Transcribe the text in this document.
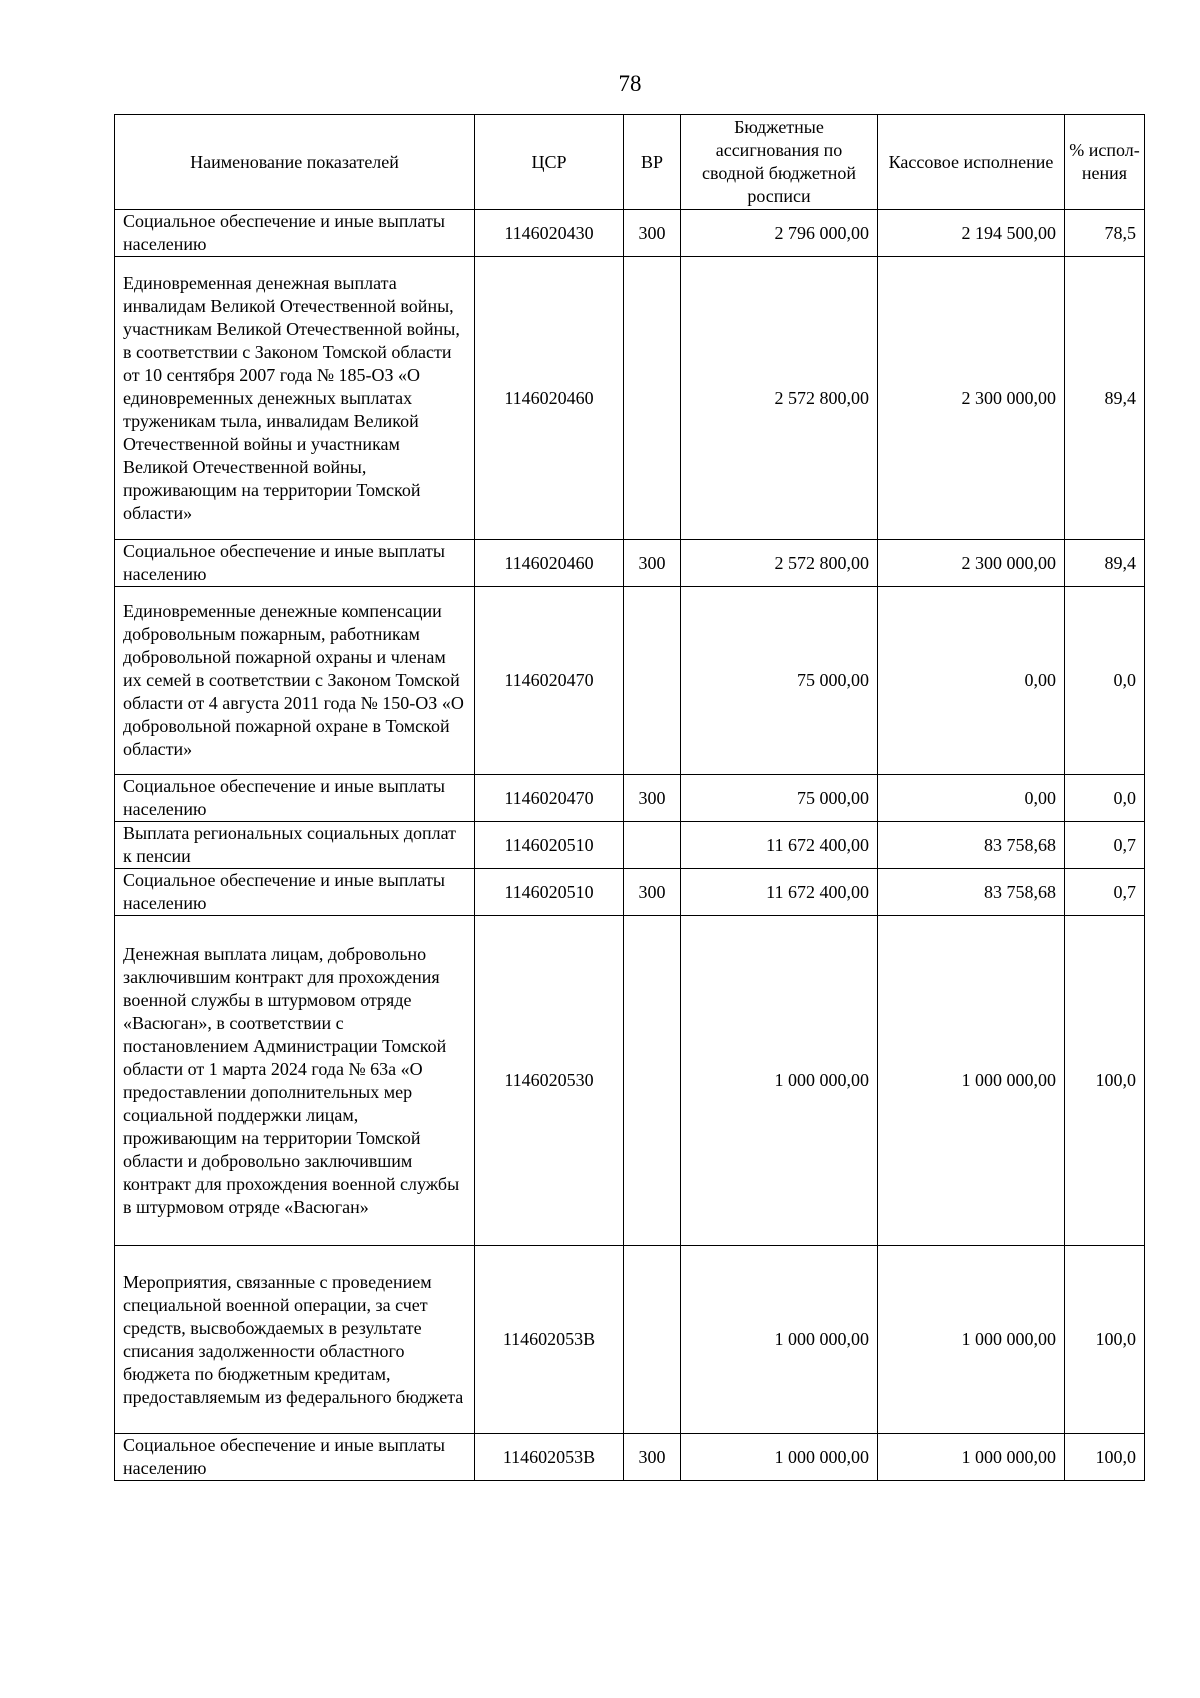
78
Наименование показателей	ЦСР	ВР	Бюджетные ассигнования по сводной бюджетной росписи	Кассовое исполнение	% испол-нения
Социальное обеспечение и иные выплаты населению	1146020430	300	2 796 000,00	2 194 500,00	78,5
Единовременная денежная выплата инвалидам Великой Отечественной войны, участникам Великой Отечественной войны, в соответствии с Законом Томской области от 10 сентября 2007 года № 185-ОЗ «О единовременных денежных выплатах труженикам тыла, инвалидам Великой Отечественной войны и участникам Великой Отечественной войны, проживающим на территории Томской области»	1146020460		2 572 800,00	2 300 000,00	89,4
Социальное обеспечение и иные выплаты населению	1146020460	300	2 572 800,00	2 300 000,00	89,4
Единовременные денежные компенсации добровольным пожарным, работникам добровольной пожарной охраны и членам их семей в соответствии с Законом Томской области от 4 августа 2011 года № 150-ОЗ «О добровольной пожарной охране в Томской области»	1146020470		75 000,00	0,00	0,0
Социальное обеспечение и иные выплаты населению	1146020470	300	75 000,00	0,00	0,0
Выплата региональных социальных доплат к пенсии	1146020510		11 672 400,00	83 758,68	0,7
Социальное обеспечение и иные выплаты населению	1146020510	300	11 672 400,00	83 758,68	0,7
Денежная выплата лицам, добровольно заключившим контракт для прохождения военной службы в штурмовом отряде «Васюган», в соответствии с постановлением Администрации Томской области от 1 марта 2024 года № 63а «О предоставлении дополнительных мер социальной поддержки лицам, проживающим на территории Томской области и добровольно заключившим контракт для прохождения военной службы в штурмовом отряде «Васюган»	1146020530		1 000 000,00	1 000 000,00	100,0
Мероприятия, связанные с проведением специальной военной операции, за счет средств, высвобождаемых в результате списания задолженности областного бюджета по бюджетным кредитам, предоставляемым из федерального бюджета	114602053В		1 000 000,00	1 000 000,00	100,0
Социальное обеспечение и иные выплаты населению	114602053В	300	1 000 000,00	1 000 000,00	100,0
